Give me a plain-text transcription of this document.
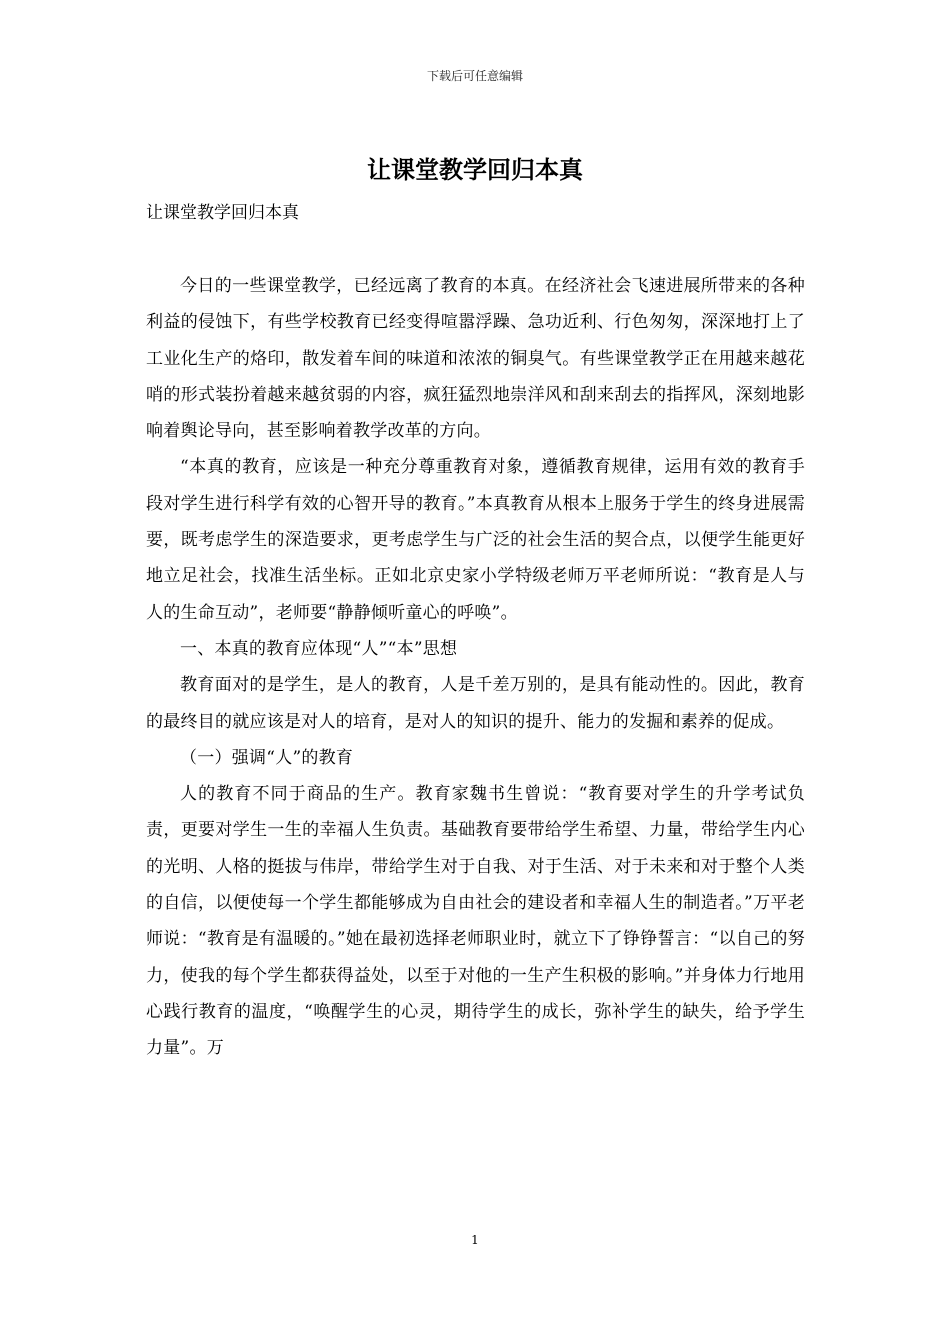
下载后可任意编辑
让课堂教学回归本真
让课堂教学回归本真

今日的一些课堂教学，已经远离了教育的本真。在经济社会飞速进展所带来的各种利益的侵蚀下，有些学校教育已经变得喧嚣浮躁、急功近利、行色匆匆，深深地打上了工业化生产的烙印，散发着车间的味道和浓浓的铜臭气。有些课堂教学正在用越来越花哨的形式装扮着越来越贫弱的内容，疯狂猛烈地崇洋风和刮来刮去的指挥风，深刻地影响着舆论导向，甚至影响着教学改革的方向。

“本真的教育，应该是一种充分尊重教育对象，遵循教育规律，运用有效的教育手段对学生进行科学有效的心智开导的教育。”本真教育从根本上服务于学生的终身进展需要，既考虑学生的深造要求，更考虑学生与广泛的社会生活的契合点，以便学生能更好地立足社会，找准生活坐标。正如北京史家小学特级老师万平老师所说：“教育是人与人的生命互动”，老师要“静静倾听童心的呼唤”。

一、本真的教育应体现“人”“本”思想

教育面对的是学生，是人的教育，人是千差万别的，是具有能动性的。因此，教育的最终目的就应该是对人的培育，是对人的知识的提升、能力的发掘和素养的促成。

（一）强调“人”的教育

人的教育不同于商品的生产。教育家魏书生曾说：“教育要对学生的升学考试负责，更要对学生一生的幸福人生负责。基础教育要带给学生希望、力量，带给学生内心的光明、人格的挺拔与伟岸，带给学生对于自我、对于生活、对于未来和对于整个人类的自信，以便使每一个学生都能够成为自由社会的建设者和幸福人生的制造者。”万平老师说：“教育是有温暖的。”她在最初选择老师职业时，就立下了铮铮誓言：“以自己的努力，使我的每个学生都获得益处，以至于对他的一生产生积极的影响。”并身体力行地用心践行教育的温度，“唤醒学生的心灵，期待学生的成长，弥补学生的缺失，给予学生力量”。万

1
